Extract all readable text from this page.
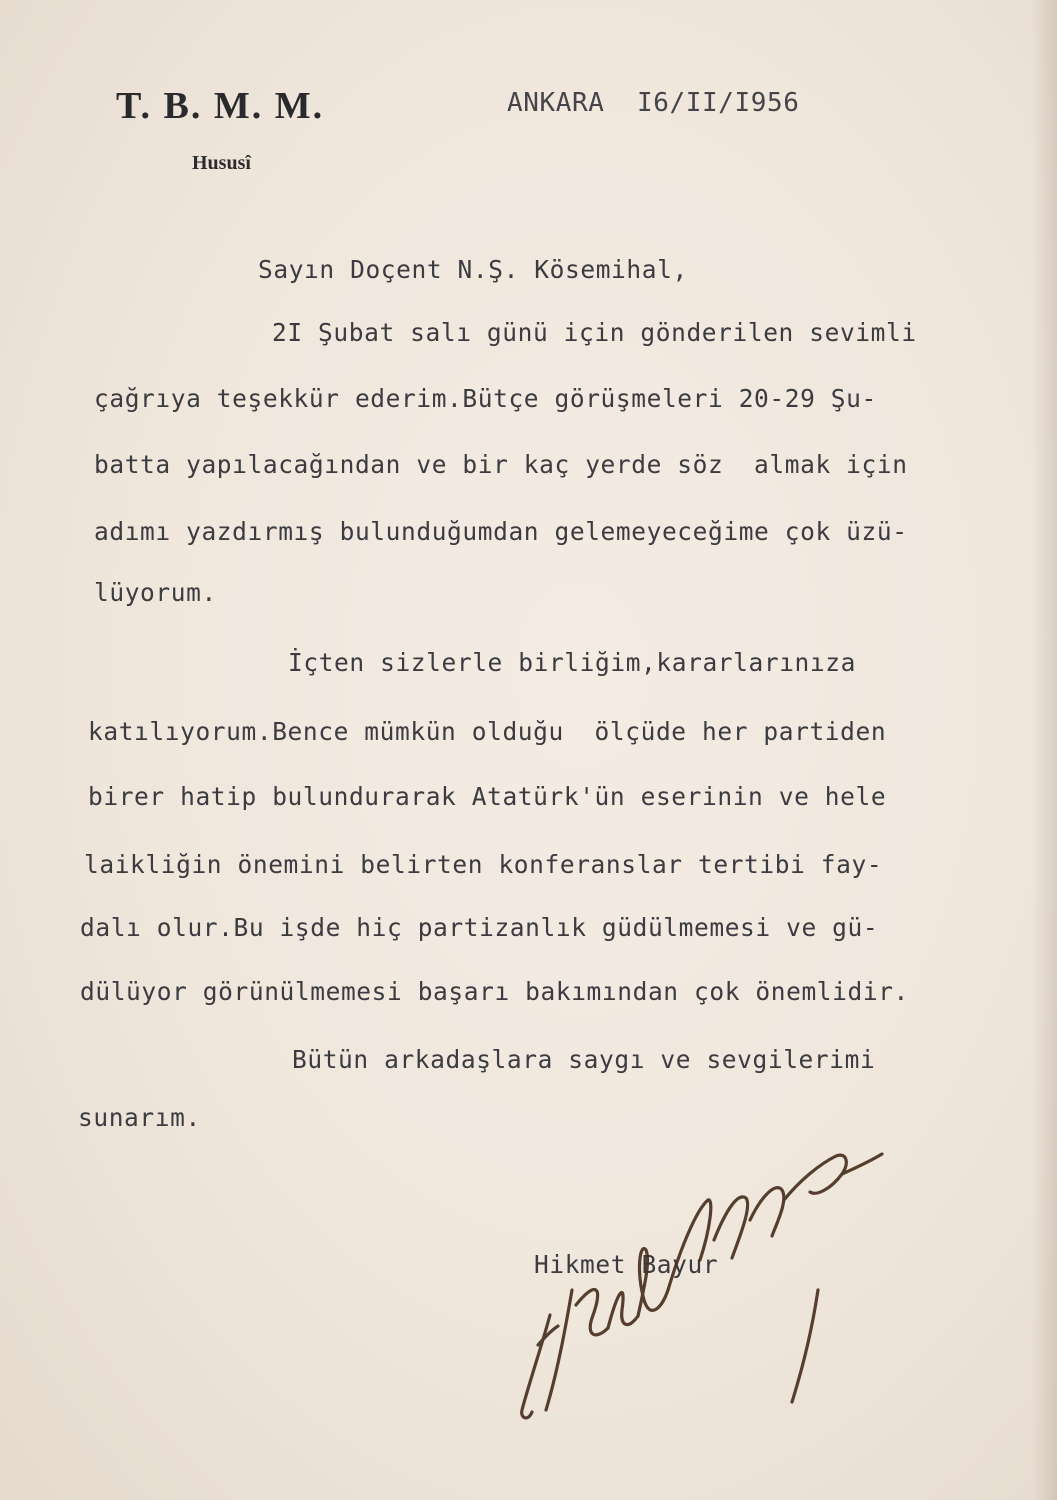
T. B. M. M.
Hususî
ANKARA  I6/II/I956
Sayın Doçent N.Ş. Kösemihal,
2I Şubat salı günü için gönderilen sevimli
çağrıya teşekkür ederim.Bütçe görüşmeleri 20-29 Şu-
batta yapılacağından ve bir kaç yerde söz  almak için
adımı yazdırmış bulunduğumdan gelemeyeceğime çok üzü-
lüyorum.
İçten sizlerle birliğim,kararlarınıza
katılıyorum.Bence mümkün olduğu  ölçüde her partiden
birer hatip bulundurarak Atatürk'ün eserinin ve hele
laikliğin önemini belirten konferanslar tertibi fay-
dalı olur.Bu işde hiç partizanlık güdülmemesi ve gü-
dülüyor görünülmemesi başarı bakımından çok önemlidir.
Bütün arkadaşlara saygı ve sevgilerimi
sunarım.
Hikmet Bayur
